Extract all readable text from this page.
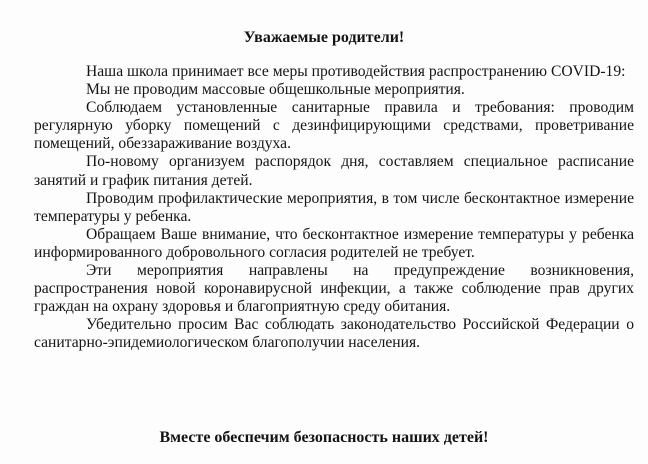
Уважаемые родители!

Наша школа принимает все меры противодействия распространению COVID-19:

Мы не проводим массовые общешкольные мероприятия.

Соблюдаем установленные санитарные правила и требования: проводим регулярную уборку помещений с дезинфицирующими средствами, проветривание помещений, обеззараживание воздуха.

По-новому организуем распорядок дня, составляем специальное расписание занятий и график питания детей.

Проводим профилактические мероприятия, в том числе бесконтактное измерение температуры у ребенка.

Обращаем Ваше внимание, что бесконтактное измерение температуры у ребенка информированного добровольного согласия родителей не требует.

Эти мероприятия направлены на предупреждение возникновения, распространения новой коронавирусной инфекции, а также соблюдение прав других граждан на охрану здоровья и благоприятную среду обитания.

Убедительно просим Вас соблюдать законодательство Российской Федерации о санитарно-эпидемиологическом благополучии населения.

Вместе обеспечим безопасность наших детей!
